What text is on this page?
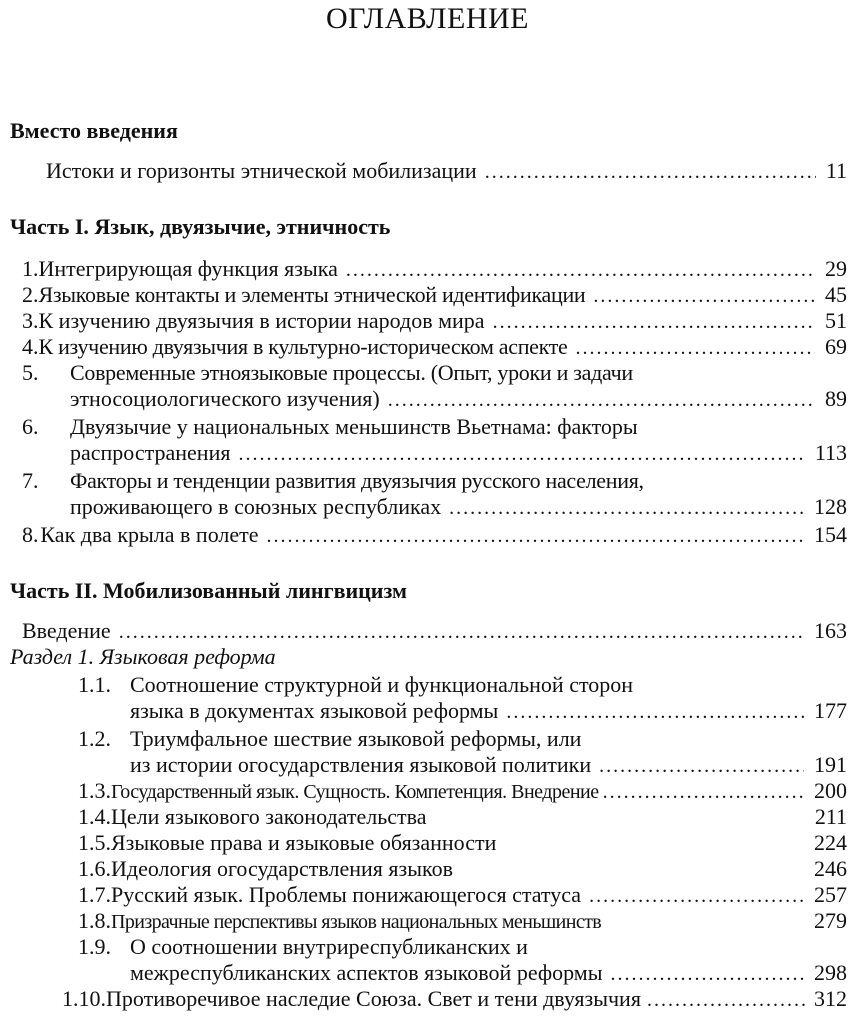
ОГЛАВЛЕНИЕ
Вместо введения
Истоки и горизонты этнической мобилизации .....	11
Часть I. Язык, двуязычие, этничность
1. Интегрирующая функция языка .....	29
2. Языковые контакты и элементы этнической идентификации .....	45
3. К изучению двуязычия в истории народов мира .....	51
4. К изучению двуязычия в культурно-историческом аспекте .....	69
5.	Современные этноязыковые процессы. (Опыт, уроки и задачи
этносоциологического изучения) .....	89
6.	Двуязычие у национальных меньшинств Вьетнама: факторы
распространения .....	113
7.	Факторы и тенденции развития двуязычия русского населения,
проживающего в союзных республиках .....	128
8. Как два крыла в полете .....	154
Часть II. Мобилизованный лингвицизм
Введение .....	163
Раздел 1. Языковая реформа
1.1. Соотношение структурной и функциональной сторон
языка в документах языковой реформы .....	177
1.2. Триумфальное шествие языковой реформы, или
из истории огосударствления языковой политики .....	191
1.3. Государственный язык. Сущность. Компетенция. Внедрение .....	200
1.4. Цели языкового законодательства	211
1.5. Языковые права и языковые обязанности	224
1.6. Идеология огосударствления языков	246
1.7. Русский язык. Проблемы понижающегося статуса .....	257
1.8. Призрачные перспективы языков национальных меньшинств	279
1.9. О соотношении внутриреспубликанских и
межреспубликанских аспектов языковой реформы .....	298
1.10. Противоречивое наследие Союза. Свет и тени двуязычия .....	312
